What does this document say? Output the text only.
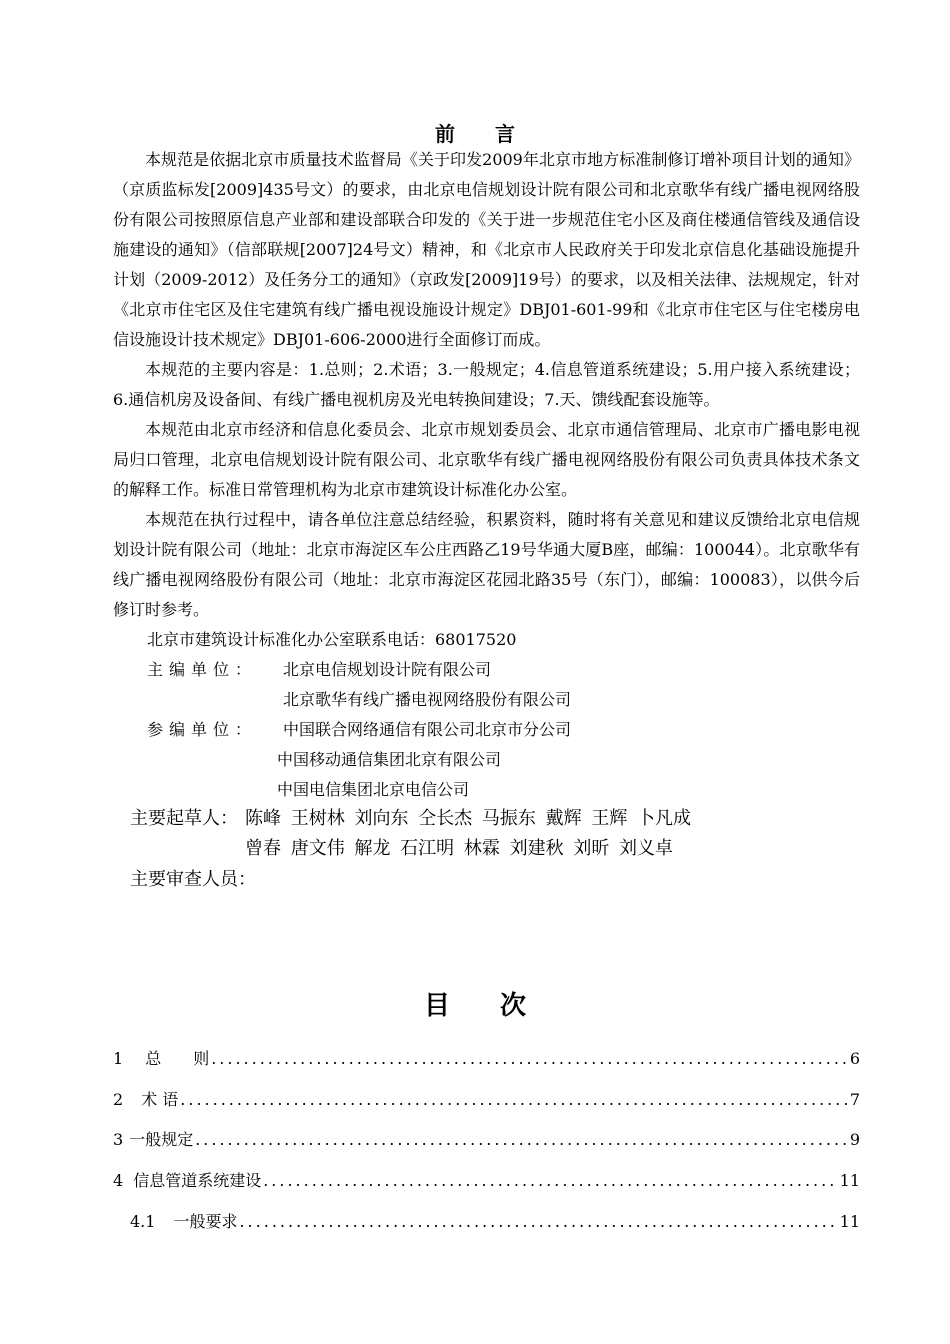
前言

本规范是依据北京市质量技术监督局《关于印发2009年北京市地方标准制修订增补项目计划的通知》（京质监标发[2009]435号文）的要求，由北京电信规划设计院有限公司和北京歌华有线广播电视网络股份有限公司按照原信息产业部和建设部联合印发的《关于进一步规范住宅小区及商住楼通信管线及通信设施建设的通知》（信部联规[2007]24号文）精神，和《北京市人民政府关于印发北京信息化基础设施提升计划（2009-2012）及任务分工的通知》（京政发[2009]19号）的要求，以及相关法律、法规规定，针对《北京市住宅区及住宅建筑有线广播电视设施设计规定》DBJ01-601-99和《北京市住宅区与住宅楼房电信设施设计技术规定》DBJ01-606-2000进行全面修订而成。

本规范的主要内容是：1.总则；2.术语；3.一般规定；4.信息管道系统建设；5.用户接入系统建设；6.通信机房及设备间、有线广播电视机房及光电转换间建设；7.天、馈线配套设施等。

本规范由北京市经济和信息化委员会、北京市规划委员会、北京市通信管理局、北京市广播电影电视局归口管理，北京电信规划设计院有限公司、北京歌华有线广播电视网络股份有限公司负责具体技术条文的解释工作。标准日常管理机构为北京市建筑设计标准化办公室。

本规范在执行过程中，请各单位注意总结经验，积累资料，随时将有关意见和建议反馈给北京电信规划设计院有限公司（地址：北京市海淀区车公庄西路乙19号华通大厦B座，邮编：100044）。北京歌华有线广播电视网络股份有限公司（地址：北京市海淀区花园北路35号（东门），邮编：100083），以供今后修订时参考。

北京市建筑设计标准化办公室联系电话：68017520
主编单位： 北京电信规划设计院有限公司
北京歌华有线广播电视网络股份有限公司
参编单位： 中国联合网络通信有限公司北京市分公司
中国移动通信集团北京有限公司
中国电信集团北京电信公司
主要起草人： 陈峰 王树林 刘向东 仝长杰 马振东 戴辉 王辉 卜凡成
曾春 唐文伟 解龙 石江明 林霖 刘建秋 刘昕 刘义卓
主要审查人员：
目次
1 总　　则 .....	6
2 术 语 .....	7
3 一般规定 .....	9
4 信息管道系统建设 .....	11
4.1 一般要求 .....	11
